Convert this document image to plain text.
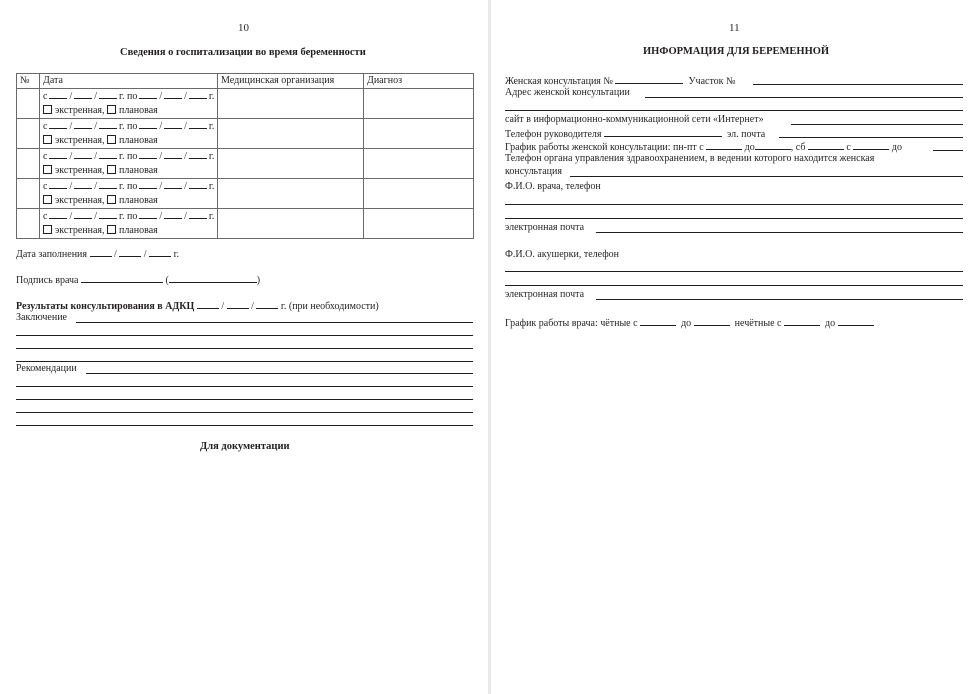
10
Сведения о госпитализации во время беременности
№	Дата	Медицинская организация	Диагноз

	с / / г. по / / г.
экстренная, плановая		

	с / / г. по / / г.
экстренная, плановая		

	с / / г. по / / г.
экстренная, плановая		

	с / / г. по / / г.
экстренная, плановая		

	с / / г. по / / г.
экстренная, плановая		

Дата заполнения	/	/	г.
Подпись врача	(	)
Результаты консультирования в АДКЦ	/	/	г. (при необходимости)
Заключение
Рекомендации
Для документации
11
ИНФОРМАЦИЯ ДЛЯ БЕРЕМЕННОЙ
Женская консультация №	Участок №
Адрес женской консультации
сайт в информационно-коммуникационной сети «Интернет»
Телефон руководителя	эл. почта
График работы женской консультации: пн-пт с	до	, сб	с	до
Телефон органа управления здравоохранением, в ведении которого находится женская
консультация
Ф.И.О. врача, телефон
электронная почта
Ф.И.О. акушерки, телефон
электронная почта
График работы врача: чётные с	до	нечётные с	до
